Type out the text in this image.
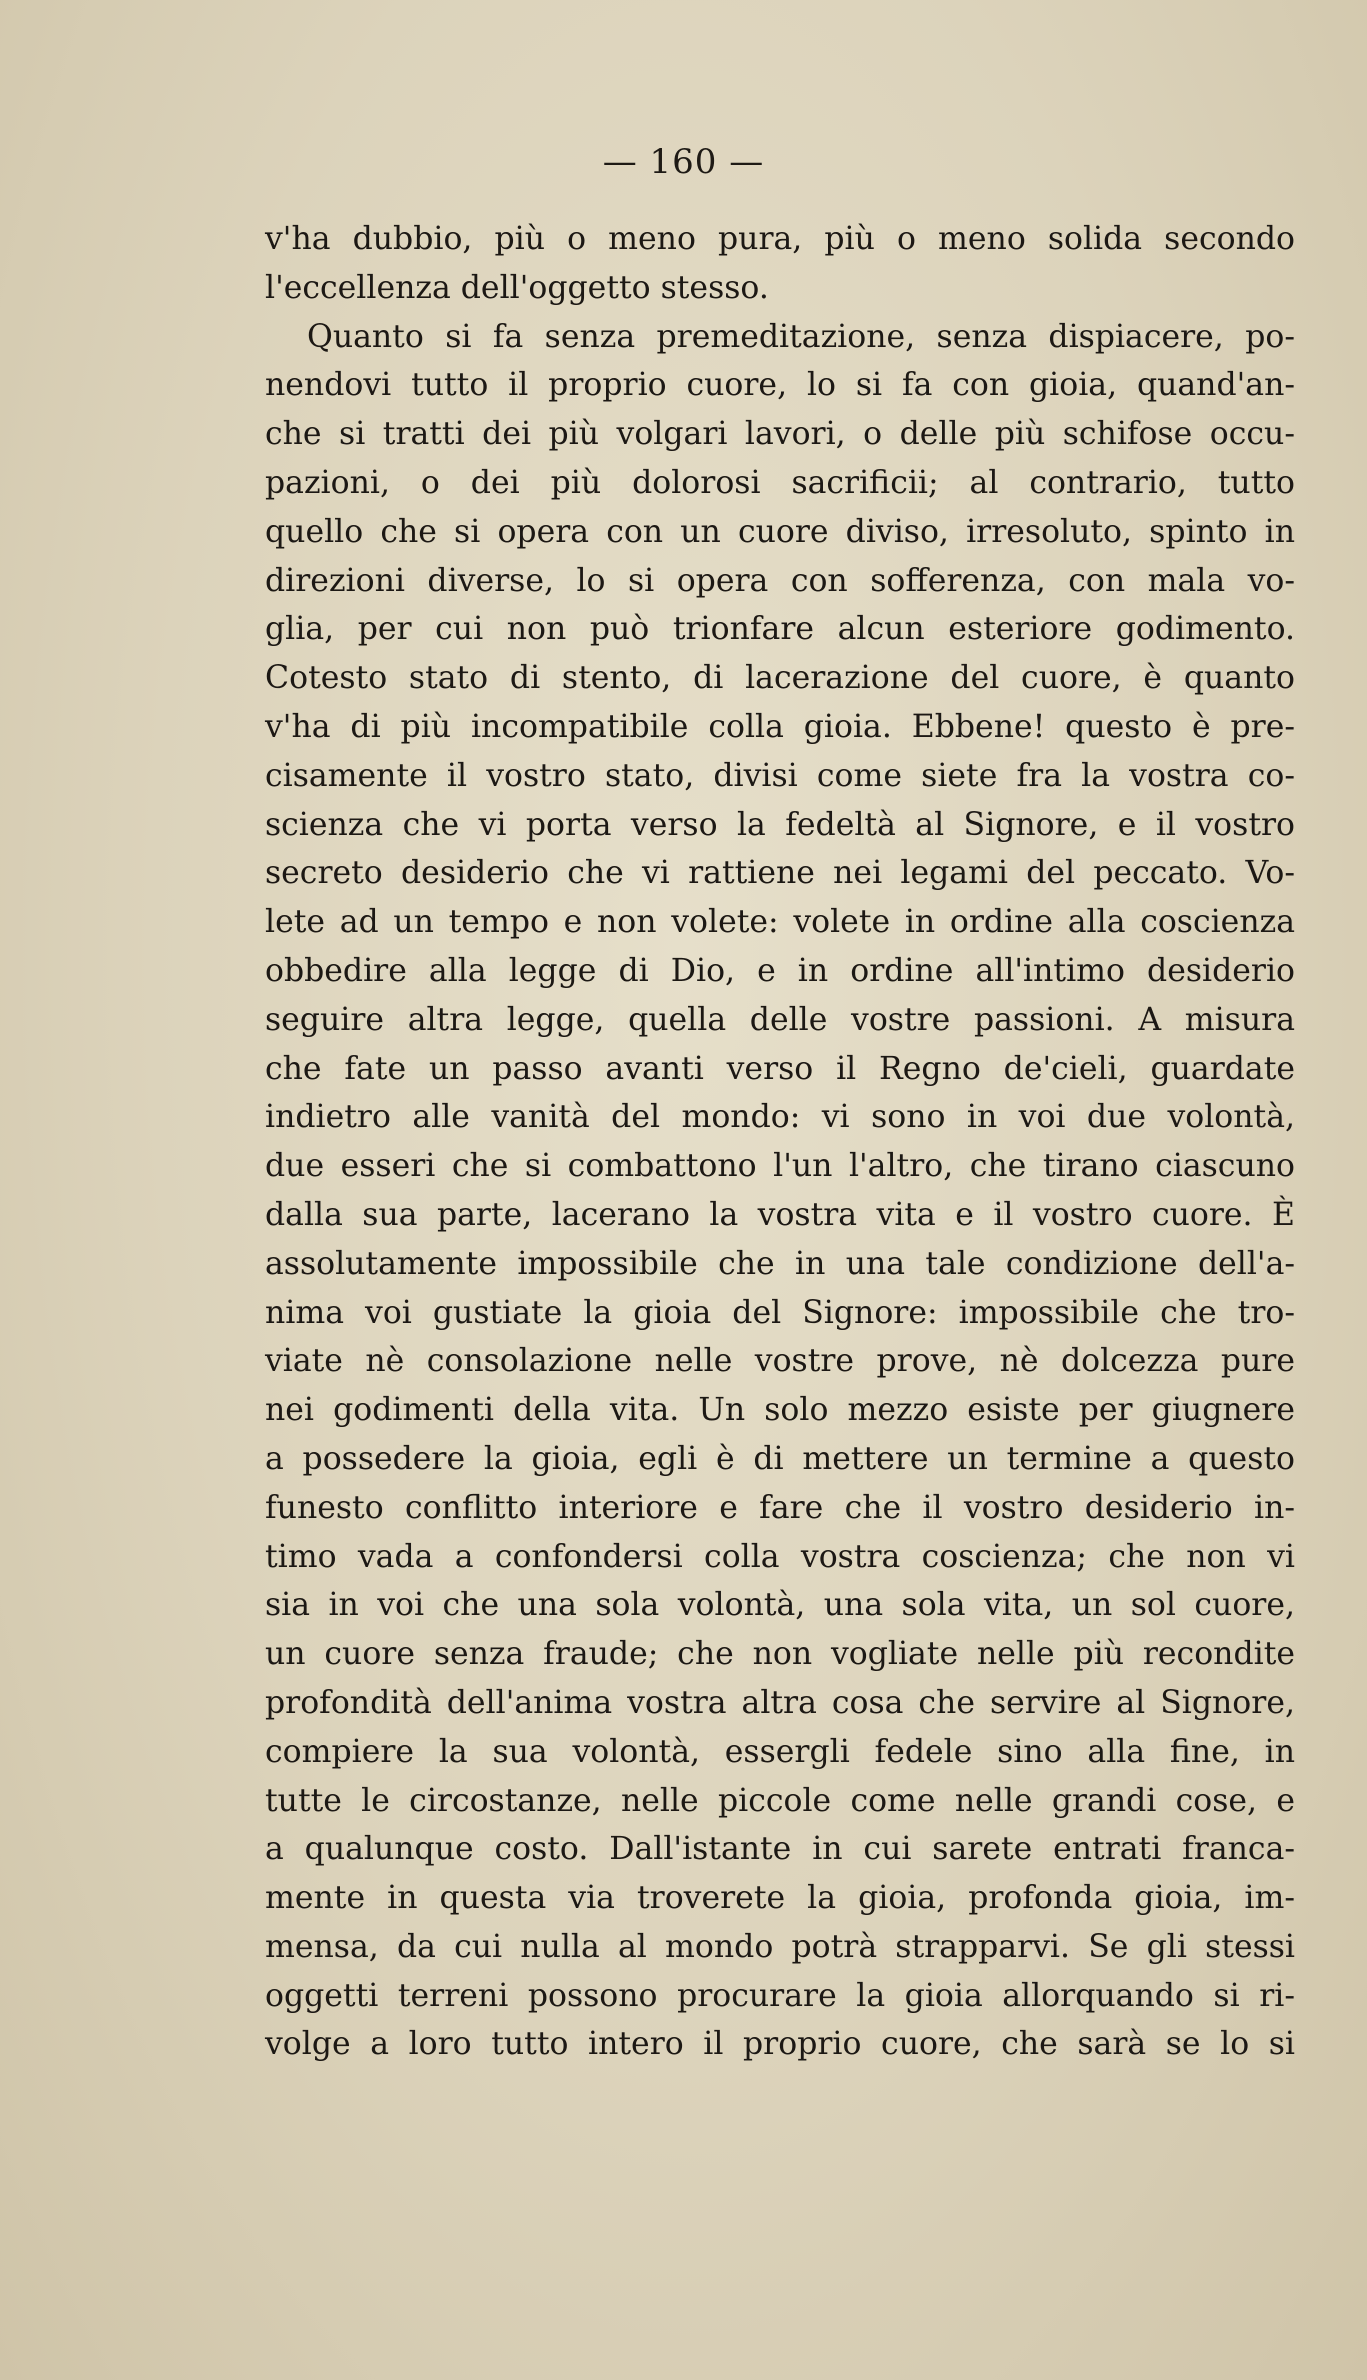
— 160 —
v'ha dubbio, più o meno pura, più o meno solida secondo
l'eccellenza dell'oggetto stesso.
Quanto si fa senza premeditazione, senza dispiacere, po-
nendovi tutto il proprio cuore, lo si fa con gioia, quand'an-
che si tratti dei più volgari lavori, o delle più schifose occu-
pazioni, o dei più dolorosi sacrificii; al contrario, tutto
quello che si opera con un cuore diviso, irresoluto, spinto in
direzioni diverse, lo si opera con sofferenza, con mala vo-
glia, per cui non può trionfare alcun esteriore godimento.
Cotesto stato di stento, di lacerazione del cuore, è quanto
v'ha di più incompatibile colla gioia. Ebbene! questo è pre-
cisamente il vostro stato, divisi come siete fra la vostra co-
scienza che vi porta verso la fedeltà al Signore, e il vostro
secreto desiderio che vi rattiene nei legami del peccato. Vo-
lete ad un tempo e non volete: volete in ordine alla coscienza
obbedire alla legge di Dio, e in ordine all'intimo desiderio
seguire altra legge, quella delle vostre passioni. A misura
che fate un passo avanti verso il Regno de'cieli, guardate
indietro alle vanità del mondo: vi sono in voi due volontà,
due esseri che si combattono l'un l'altro, che tirano ciascuno
dalla sua parte, lacerano la vostra vita e il vostro cuore. È
assolutamente impossibile che in una tale condizione dell'a-
nima voi gustiate la gioia del Signore: impossibile che tro-
viate nè consolazione nelle vostre prove, nè dolcezza pure
nei godimenti della vita. Un solo mezzo esiste per giugnere
a possedere la gioia, egli è di mettere un termine a questo
funesto conflitto interiore e fare che il vostro desiderio in-
timo vada a confondersi colla vostra coscienza; che non vi
sia in voi che una sola volontà, una sola vita, un sol cuore,
un cuore senza fraude; che non vogliate nelle più recondite
profondità dell'anima vostra altra cosa che servire al Signore,
compiere la sua volontà, essergli fedele sino alla fine, in
tutte le circostanze, nelle piccole come nelle grandi cose, e
a qualunque costo. Dall'istante in cui sarete entrati franca-
mente in questa via troverete la gioia, profonda gioia, im-
mensa, da cui nulla al mondo potrà strapparvi. Se gli stessi
oggetti terreni possono procurare la gioia allorquando si ri-
volge a loro tutto intero il proprio cuore, che sarà se lo si
